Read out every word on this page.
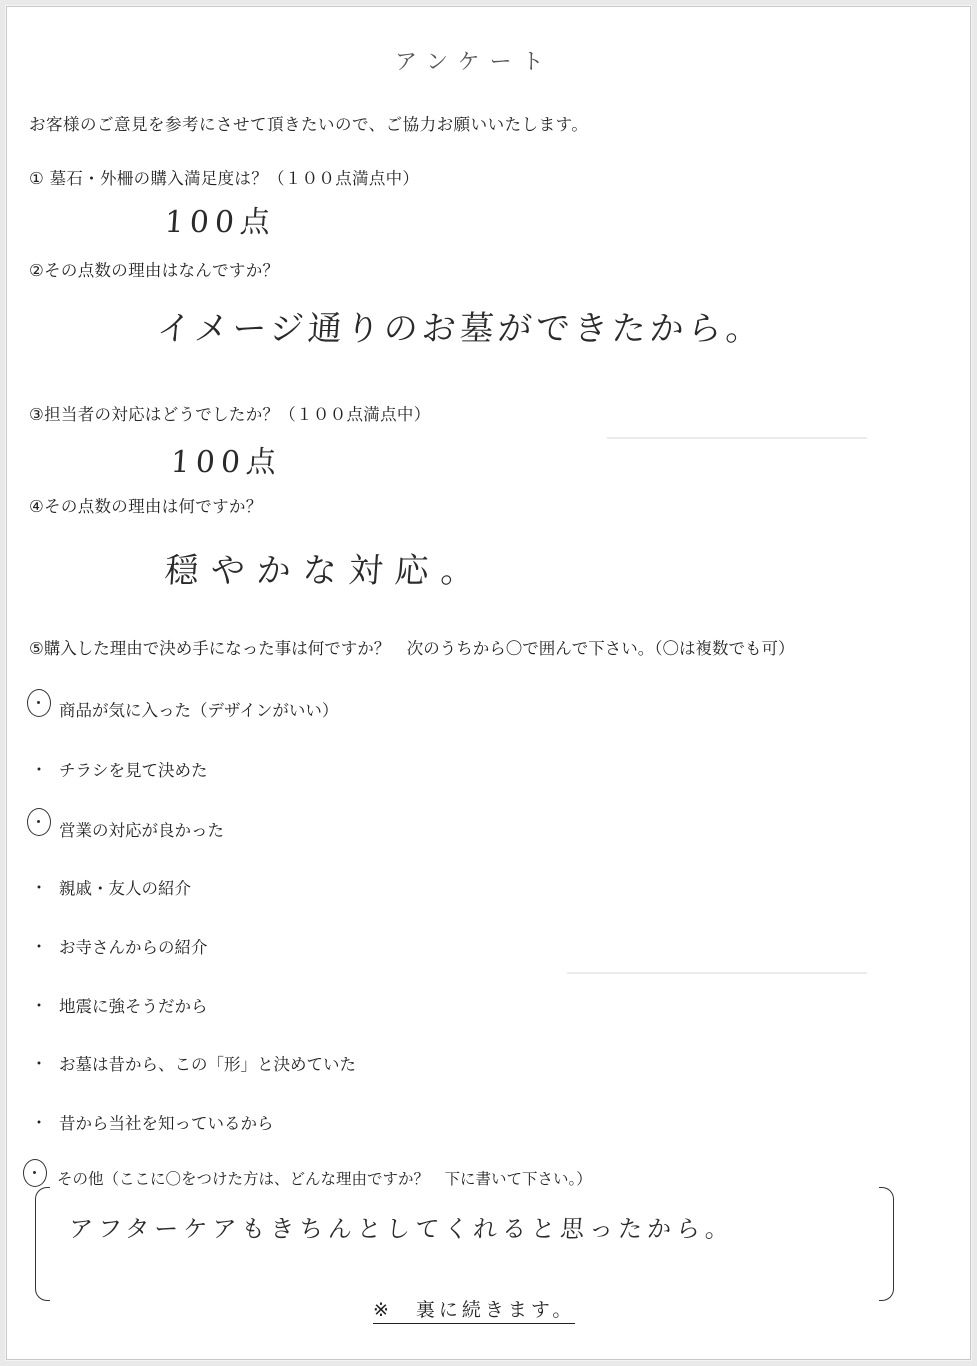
アンケート
お客様のご意見を参考にさせて頂きたいので、ご協力お願いいたします。
① 墓石・外柵の購入満足度は？（１００点満点中）
100点
②その点数の理由はなんですか？
イメージ通りのお墓ができたから。
③担当者の対応はどうでしたか？（１００点満点中）
100点
④その点数の理由は何ですか？
穏やかな対応。
⑤購入した理由で決め手になった事は何ですか？　次のうちから〇で囲んで下さい。（〇は複数でも可）
商品が気に入った（デザインがいい）
・ チラシを見て決めた
営業の対応が良かった
・ 親戚・友人の紹介
・ お寺さんからの紹介
・ 地震に強そうだから
・ お墓は昔から、この「形」と決めていた
・ 昔から当社を知っているから
その他（ここに〇をつけた方は、どんな理由ですか？　下に書いて下さい。）
アフターケアもきちんとしてくれると思ったから。
※　裏に続きます。
